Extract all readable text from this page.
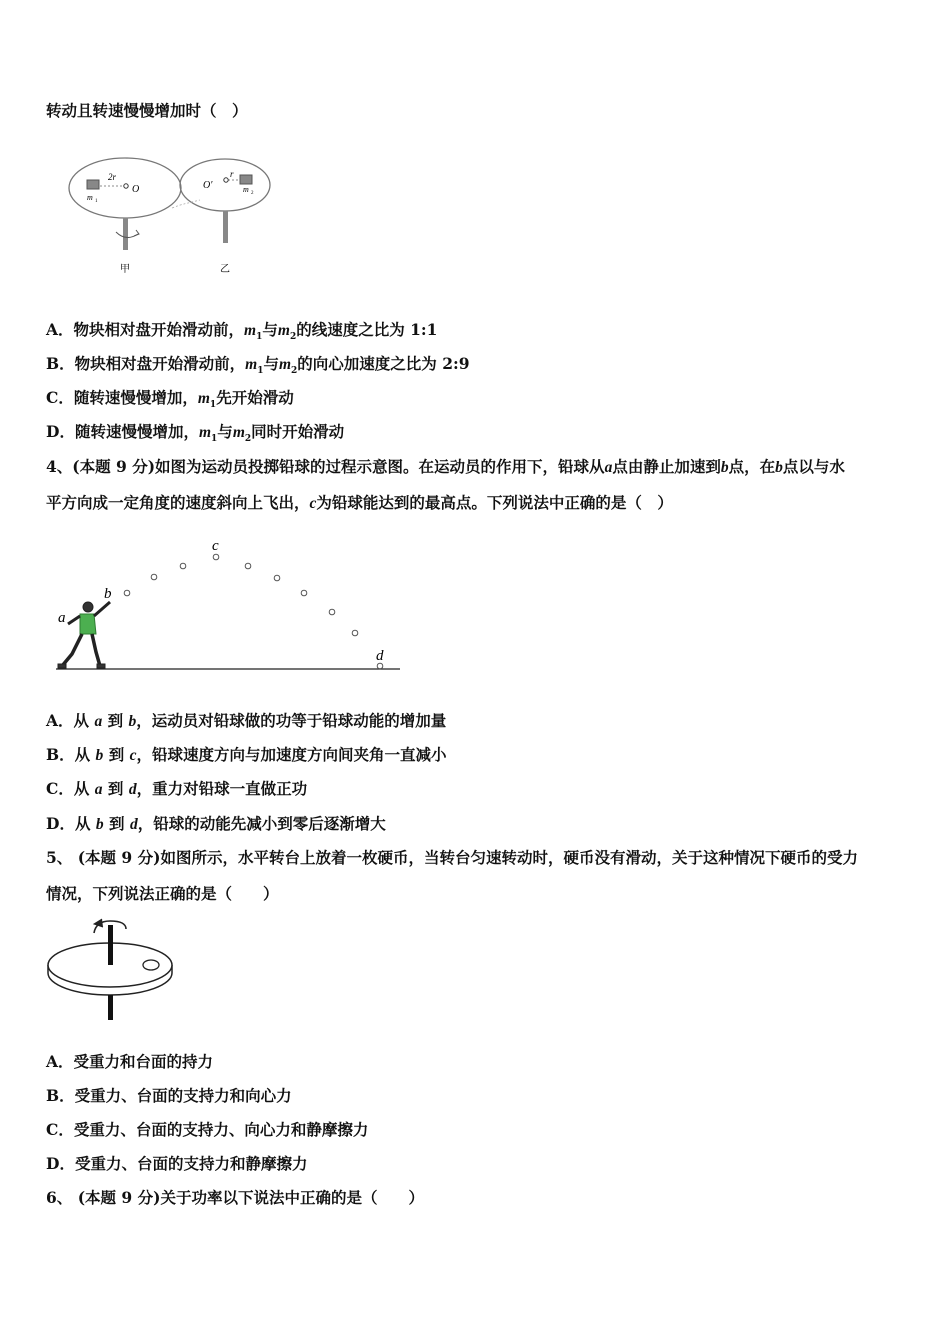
转动且转速慢慢增加时（　）
2r
O	O′
r
m 1
m 2
甲	乙
A．物块相对盘开始滑动前，$m_1$与$m_2$的线速度之比为 1:1
B．物块相对盘开始滑动前，$m_1$与$m_2$的向心加速度之比为 2:9
C．随转速慢慢增加，$m_1$先开始滑动
D．随转速慢慢增加，$m_1$与$m_2$同时开始滑动
4、(本题 9 分)如图为运动员投掷铅球的过程示意图。在运动员的作用下，铅球从a点由静止加速到b点，在b点以与水
平方向成一定角度的速度斜向上飞出，c为铅球能达到的最高点。下列说法中正确的是（　）
a
b
c
d
A．从 a 到 b，运动员对铅球做的功等于铅球动能的增加量
B．从 b 到 c，铅球速度方向与加速度方向间夹角一直减小
C．从 a 到 d，重力对铅球一直做正功
D．从 b 到 d，铅球的动能先减小到零后逐渐增大
5、 (本题 9 分)如图所示，水平转台上放着一枚硬币，当转台匀速转动时，硬币没有滑动，关于这种情况下硬币的受力
情况，下列说法正确的是（　　）
A．受重力和台面的持力
B．受重力、台面的支持力和向心力
C．受重力、台面的支持力、向心力和静摩擦力
D．受重力、台面的支持力和静摩擦力
6、 (本题 9 分)关于功率以下说法中正确的是（　　）
